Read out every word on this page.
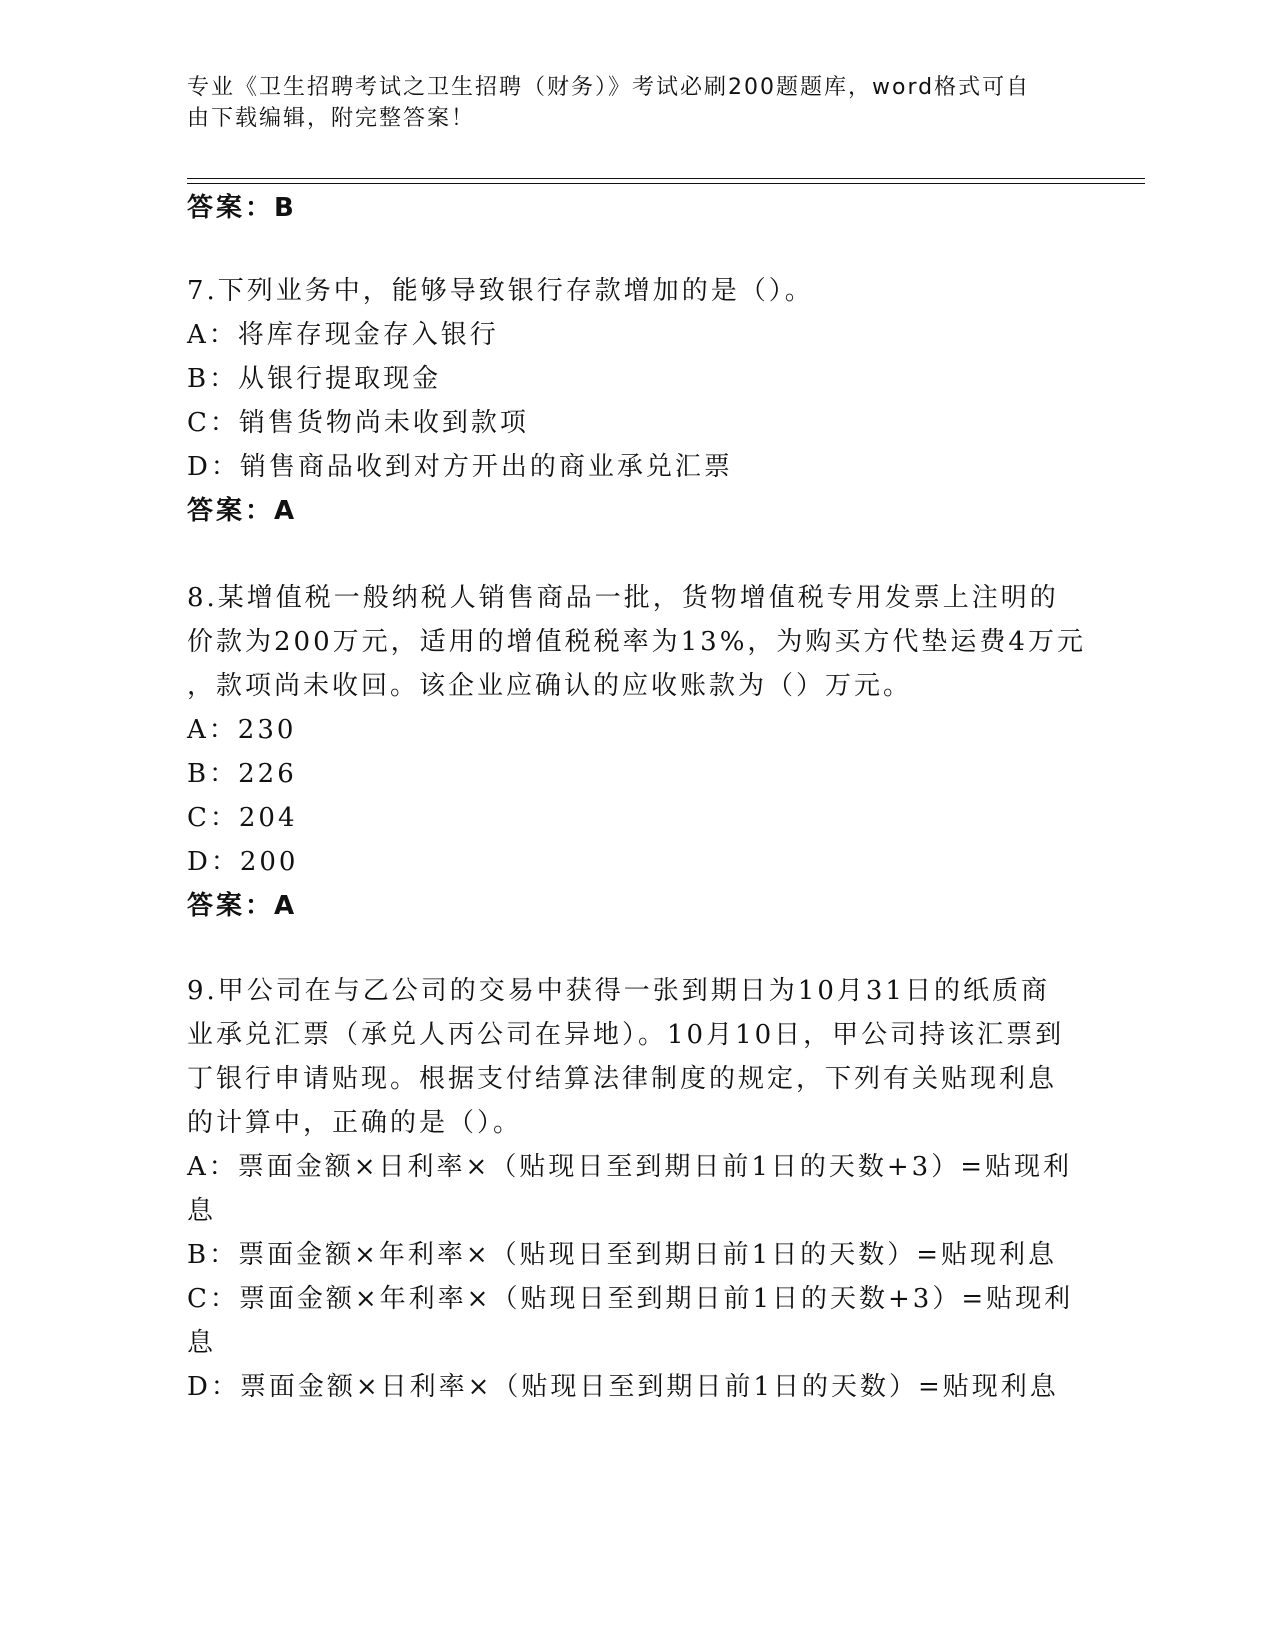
专业《卫生招聘考试之卫生招聘（财务）》考试必刷200题题库，word格式可自
由下载编辑，附完整答案！
答案：B
7.下列业务中，能够导致银行存款增加的是（）。
A：将库存现金存入银行
B：从银行提取现金
C：销售货物尚未收到款项
D：销售商品收到对方开出的商业承兑汇票
答案：A
8.某增值税一般纳税人销售商品一批，货物增值税专用发票上注明的
价款为200万元，适用的增值税税率为13%，为购买方代垫运费4万元
，款项尚未收回。该企业应确认的应收账款为（）万元。
A：230
B：226
C：204
D：200
答案：A
9.甲公司在与乙公司的交易中获得一张到期日为10月31日的纸质商
业承兑汇票（承兑人丙公司在异地）。10月10日，甲公司持该汇票到
丁银行申请贴现。根据支付结算法律制度的规定，下列有关贴现利息
的计算中，正确的是（）。
A：票面金额×日利率×（贴现日至到期日前1日的天数+3）=贴现利
息
B：票面金额×年利率×（贴现日至到期日前1日的天数）=贴现利息
C：票面金额×年利率×（贴现日至到期日前1日的天数+3）=贴现利
息
D：票面金额×日利率×（贴现日至到期日前1日的天数）=贴现利息
